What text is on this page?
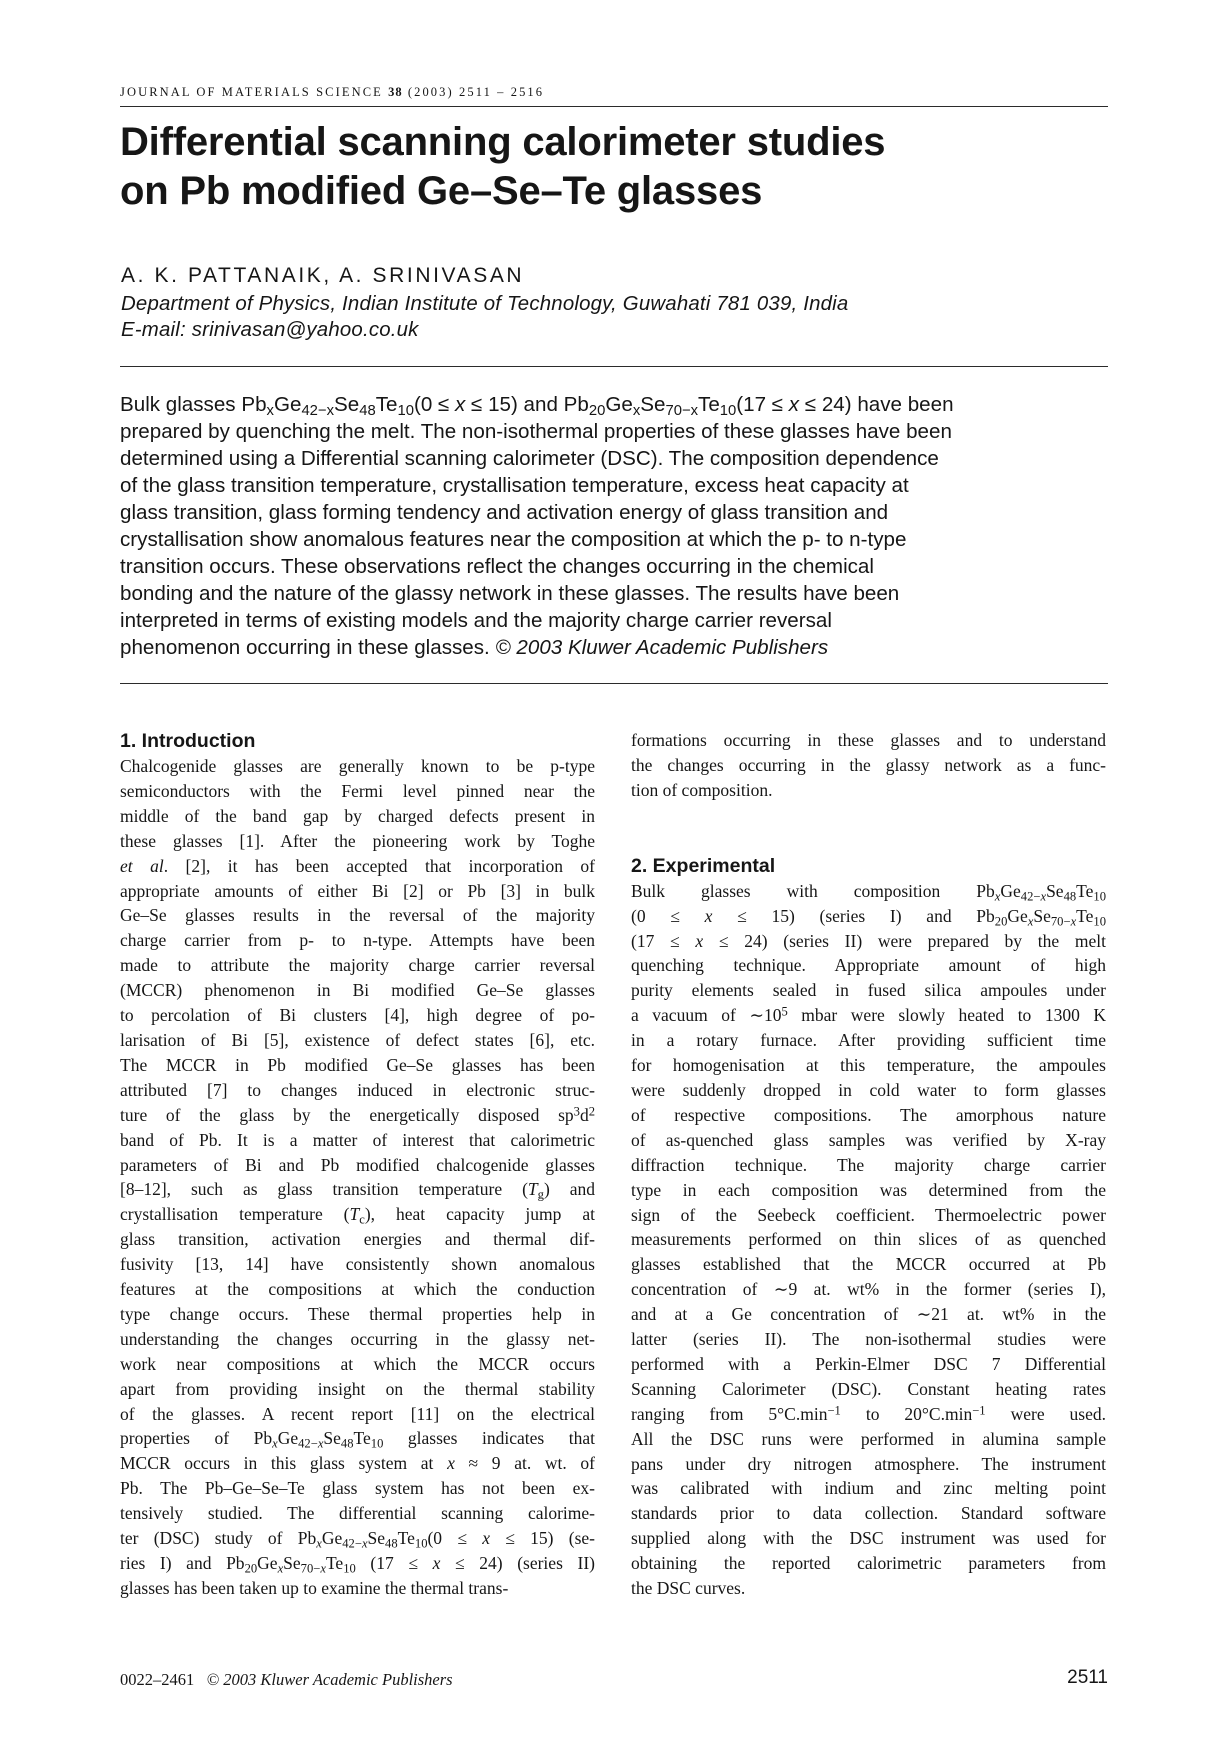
JOURNAL OF MATERIALS SCIENCE 38 (2003) 2511 – 2516
Differential scanning calorimeter studies
on Pb modified Ge–Se–Te glasses
A. K. PATTANAIK, A. SRINIVASAN
Department of Physics, Indian Institute of Technology, Guwahati 781 039, India
E-mail: srinivasan@yahoo.co.uk
Bulk glasses $Pb_xGe_{42-x}Se_{48}Te_{10}(0 \le x \le 15)$ and $Pb_{20}Ge_xSe_{70-x}Te_{10}(17 \le x \le 24)$ have been
prepared by quenching the melt. The non-isothermal properties of these glasses have been
determined using a Differential scanning calorimeter (DSC). The composition dependence
of the glass transition temperature, crystallisation temperature, excess heat capacity at
glass transition, glass forming tendency and activation energy of glass transition and
crystallisation show anomalous features near the composition at which the p- to n-type
transition occurs. These observations reflect the changes occurring in the chemical
bonding and the nature of the glassy network in these glasses. The results have been
interpreted in terms of existing models and the majority charge carrier reversal
phenomenon occurring in these glasses. © 2003 Kluwer Academic Publishers
1. Introduction
Chalcogenide glasses are generally known to be p-type
semiconductors with the Fermi level pinned near the
middle of the band gap by charged defects present in
these glasses [1]. After the pioneering work by Toghe
et al. [2], it has been accepted that incorporation of
appropriate amounts of either Bi [2] or Pb [3] in bulk
Ge–Se glasses results in the reversal of the majority
charge carrier from p- to n-type. Attempts have been
made to attribute the majority charge carrier reversal
(MCCR) phenomenon in Bi modified Ge–Se glasses
to percolation of Bi clusters [4], high degree of po-
larisation of Bi [5], existence of defect states [6], etc.
The MCCR in Pb modified Ge–Se glasses has been
attributed [7] to changes induced in electronic struc-
ture of the glass by the energetically disposed $sp^3d^2$
band of Pb. It is a matter of interest that calorimetric
parameters of Bi and Pb modified chalcogenide glasses
[8–12], such as glass transition temperature $(T_g)$ and
crystallisation temperature $(T_c)$, heat capacity jump at
glass transition, activation energies and thermal dif-
fusivity [13, 14] have consistently shown anomalous
features at the compositions at which the conduction
type change occurs. These thermal properties help in
understanding the changes occurring in the glassy net-
work near compositions at which the MCCR occurs
apart from providing insight on the thermal stability
of the glasses. A recent report [11] on the electrical
properties of $Pb_xGe_{42-x}Se_{48}Te_{10}$ glasses indicates that
MCCR occurs in this glass system at x ≈ 9 at. wt. of
Pb. The Pb–Ge–Se–Te glass system has not been ex-
tensively studied. The differential scanning calorime-
ter (DSC) study of $Pb_xGe_{42-x}Se_{48}Te_{10}(0 \le x \le 15)$ (se-
ries I) and $Pb_{20}Ge_xSe_{70-x}Te_{10}$ (17 ≤ x ≤ 24) (series II)
glasses has been taken up to examine the thermal trans-
formations occurring in these glasses and to understand
the changes occurring in the glassy network as a func-
tion of composition.
2. Experimental
Bulk glasses with composition $Pb_xGe_{42-x}Se_{48}Te_{10}$
(0 ≤ x ≤ 15) (series I) and $Pb_{20}Ge_xSe_{70-x}Te_{10}$
(17 ≤ x ≤ 24) (series II) were prepared by the melt
quenching technique. Appropriate amount of high
purity elements sealed in fused silica ampoules under
a vacuum of $\sim 10^5$ mbar were slowly heated to 1300 K
in a rotary furnace. After providing sufficient time
for homogenisation at this temperature, the ampoules
were suddenly dropped in cold water to form glasses
of respective compositions. The amorphous nature
of as-quenched glass samples was verified by X-ray
diffraction technique. The majority charge carrier
type in each composition was determined from the
sign of the Seebeck coefficient. Thermoelectric power
measurements performed on thin slices of as quenched
glasses established that the MCCR occurred at Pb
concentration of ∼9 at. wt% in the former (series I),
and at a Ge concentration of ∼21 at. wt% in the
latter (series II). The non-isothermal studies were
performed with a Perkin-Elmer DSC 7 Differential
Scanning Calorimeter (DSC). Constant heating rates
ranging from $5^\circ C.\min^{-1}$ to $20^\circ C.\min^{-1}$ were used.
All the DSC runs were performed in alumina sample
pans under dry nitrogen atmosphere. The instrument
was calibrated with indium and zinc melting point
standards prior to data collection. Standard software
supplied along with the DSC instrument was used for
obtaining the reported calorimetric parameters from
the DSC curves.
0022–2461 © 2003 Kluwer Academic Publishers	2511
